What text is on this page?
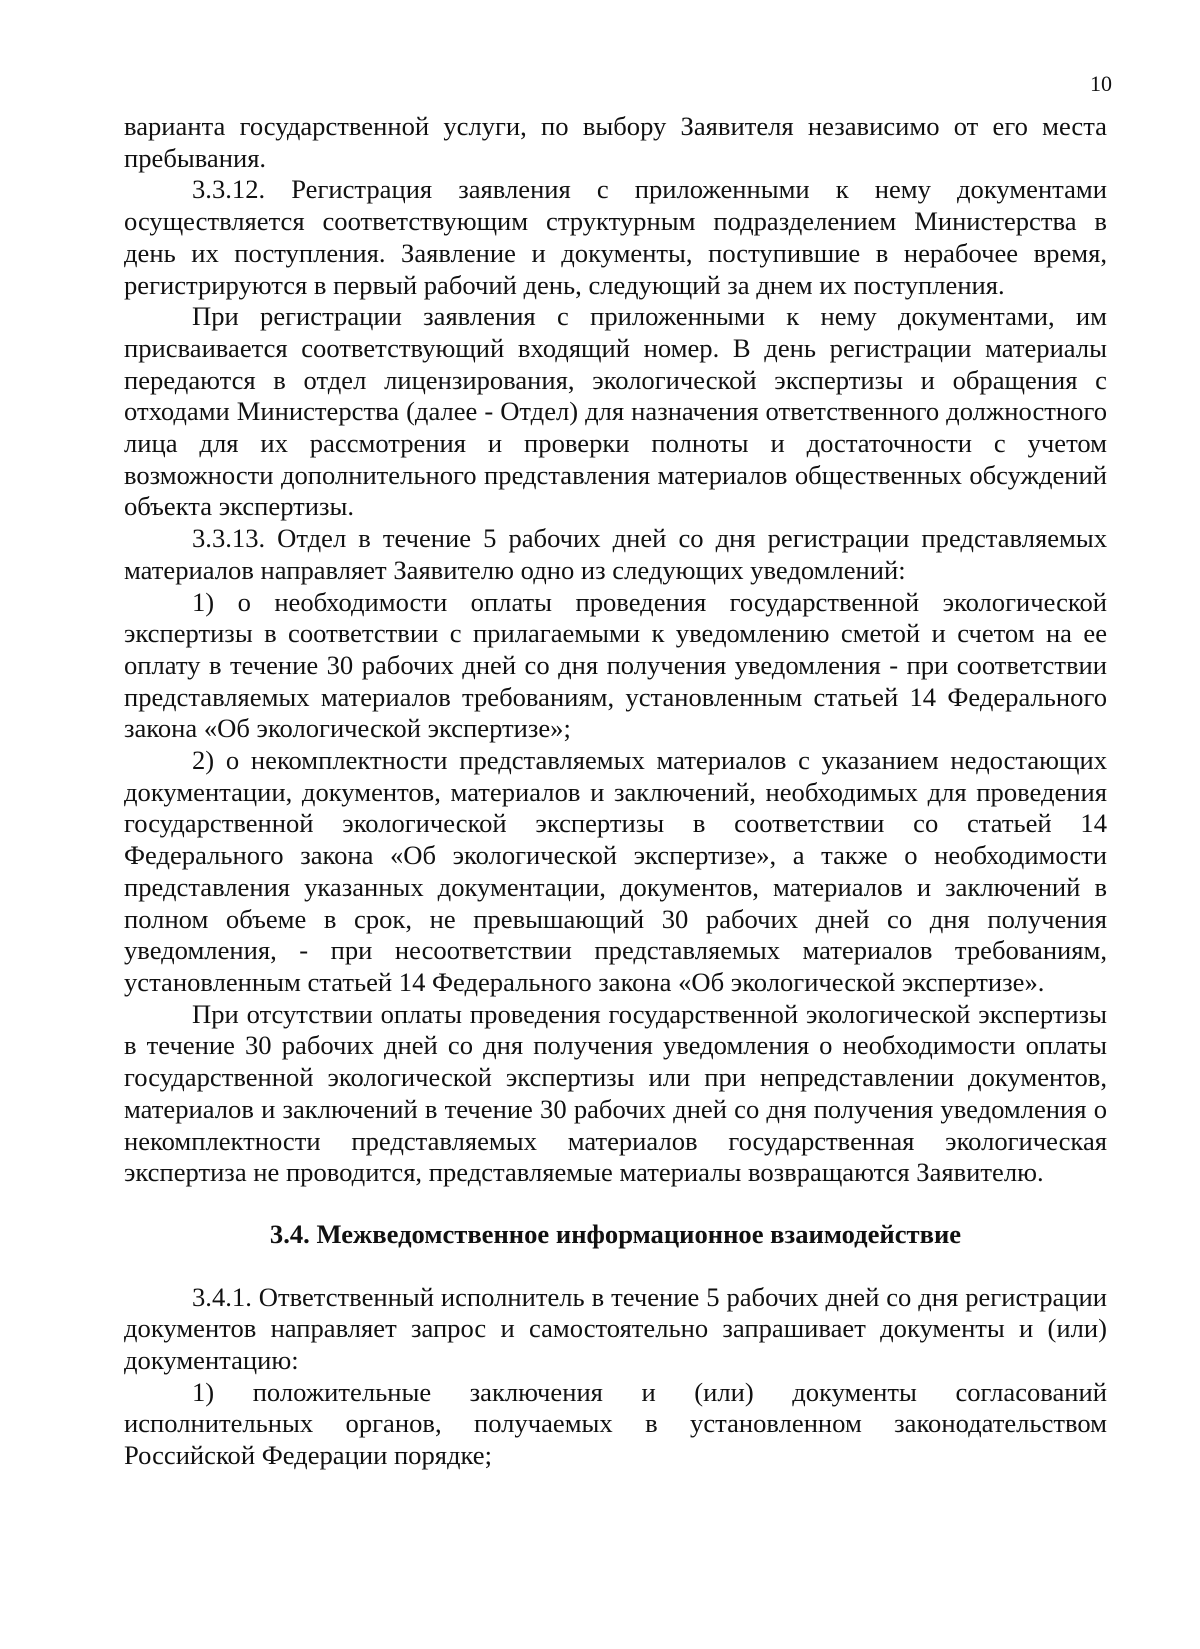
10

варианта государственной услуги, по выбору Заявителя независимо от его места пребывания.

3.3.12. Регистрация заявления с приложенными к нему документами осуществляется соответствующим структурным подразделением Министерства в день их поступления. Заявление и документы, поступившие в нерабочее время, регистрируются в первый рабочий день, следующий за днем их поступления.

При регистрации заявления с приложенными к нему документами, им присваивается соответствующий входящий номер. В день регистрации материалы передаются в отдел лицензирования, экологической экспертизы и обращения с отходами Министерства (далее - Отдел) для назначения ответственного должностного лица для их рассмотрения и проверки полноты и достаточности с учетом возможности дополнительного представления материалов общественных обсуждений объекта экспертизы.

3.3.13. Отдел в течение 5 рабочих дней со дня регистрации представляемых материалов направляет Заявителю одно из следующих уведомлений:

1) о необходимости оплаты проведения государственной экологической экспертизы в соответствии с прилагаемыми к уведомлению сметой и счетом на ее оплату в течение 30 рабочих дней со дня получения уведомления - при соответствии представляемых материалов требованиям, установленным статьей 14 Федерального закона «Об экологической экспертизе»;

2) о некомплектности представляемых материалов с указанием недостающих документации, документов, материалов и заключений, необходимых для проведения государственной экологической экспертизы в соответствии со статьей 14 Федерального закона «Об экологической экспертизе», а также о необходимости представления указанных документации, документов, материалов и заключений в полном объеме в срок, не превышающий 30 рабочих дней со дня получения уведомления, - при несоответствии представляемых материалов требованиям, установленным статьей 14 Федерального закона «Об экологической экспертизе».

При отсутствии оплаты проведения государственной экологической экспертизы в течение 30 рабочих дней со дня получения уведомления о необходимости оплаты государственной экологической экспертизы или при непредставлении документов, материалов и заключений в течение 30 рабочих дней со дня получения уведомления о некомплектности представляемых материалов государственная экологическая экспертиза не проводится, представляемые материалы возвращаются Заявителю.

3.4. Межведомственное информационное взаимодействие

3.4.1. Ответственный исполнитель в течение 5 рабочих дней со дня регистрации документов направляет запрос и самостоятельно запрашивает документы и (или) документацию:

1) положительные заключения и (или) документы согласований исполнительных органов, получаемых в установленном законодательством Российской Федерации порядке;
